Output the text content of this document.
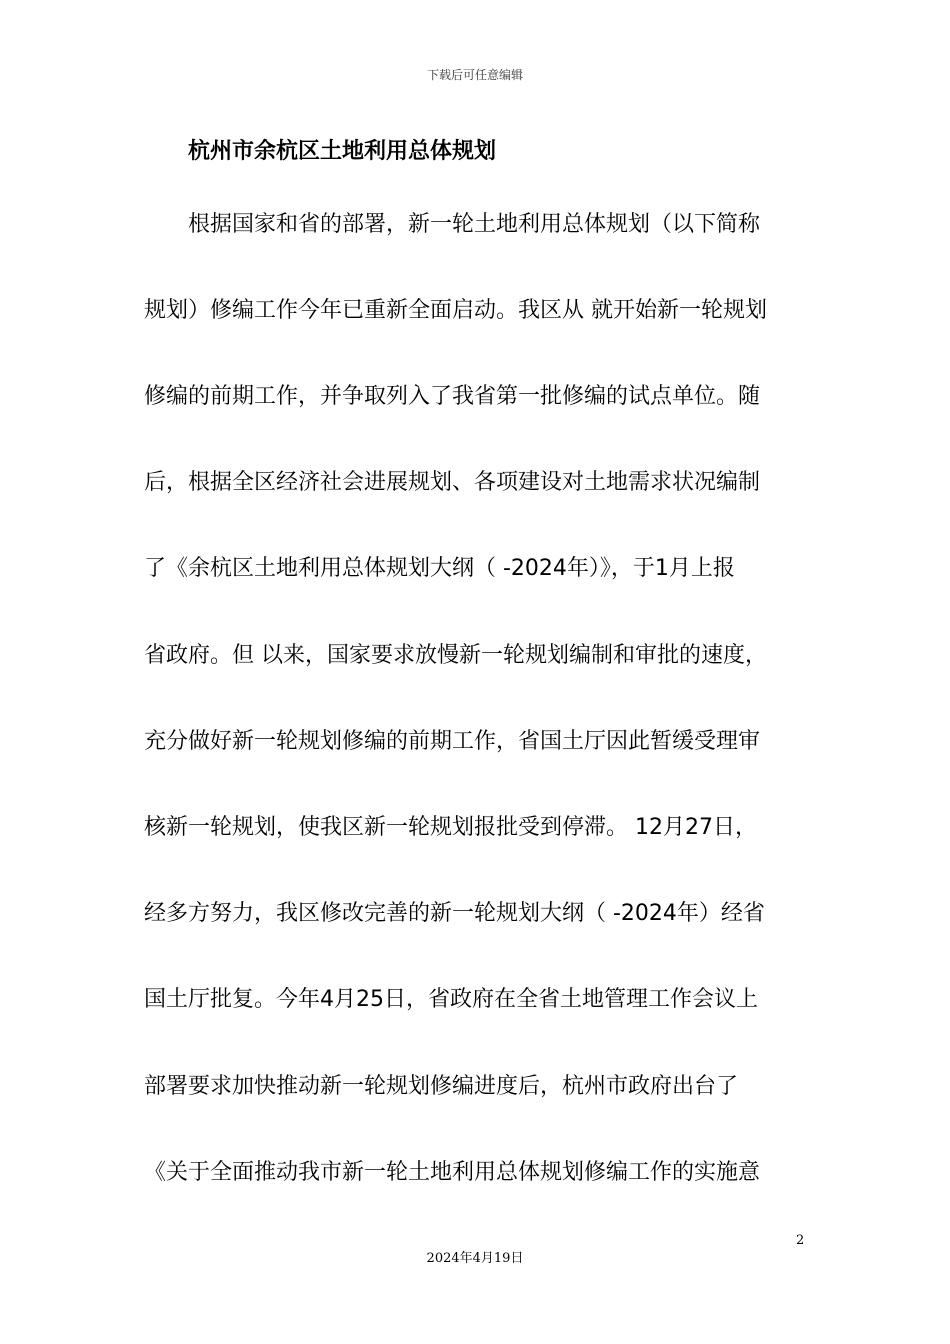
下载后可任意编辑
杭州市余杭区土地利用总体规划
　　根据国家和省的部署，新一轮土地利用总体规划（以下简称
规划）修编工作今年已重新全面启动。我区从 就开始新一轮规划
修编的前期工作，并争取列入了我省第一批修编的试点单位。随
后，根据全区经济社会进展规划、各项建设对土地需求状况编制
了《余杭区土地利用总体规划大纲（ -2024年）》，于1月上报
省政府。但 以来，国家要求放慢新一轮规划编制和审批的速度，
充分做好新一轮规划修编的前期工作，省国土厅因此暂缓受理审
核新一轮规划，使我区新一轮规划报批受到停滞。 12月27日，
经多方努力，我区修改完善的新一轮规划大纲（ -2024年）经省
国土厅批复。今年4月25日，省政府在全省土地管理工作会议上
部署要求加快推动新一轮规划修编进度后，杭州市政府出台了
《关于全面推动我市新一轮土地利用总体规划修编工作的实施意
2
2024年4月19日
